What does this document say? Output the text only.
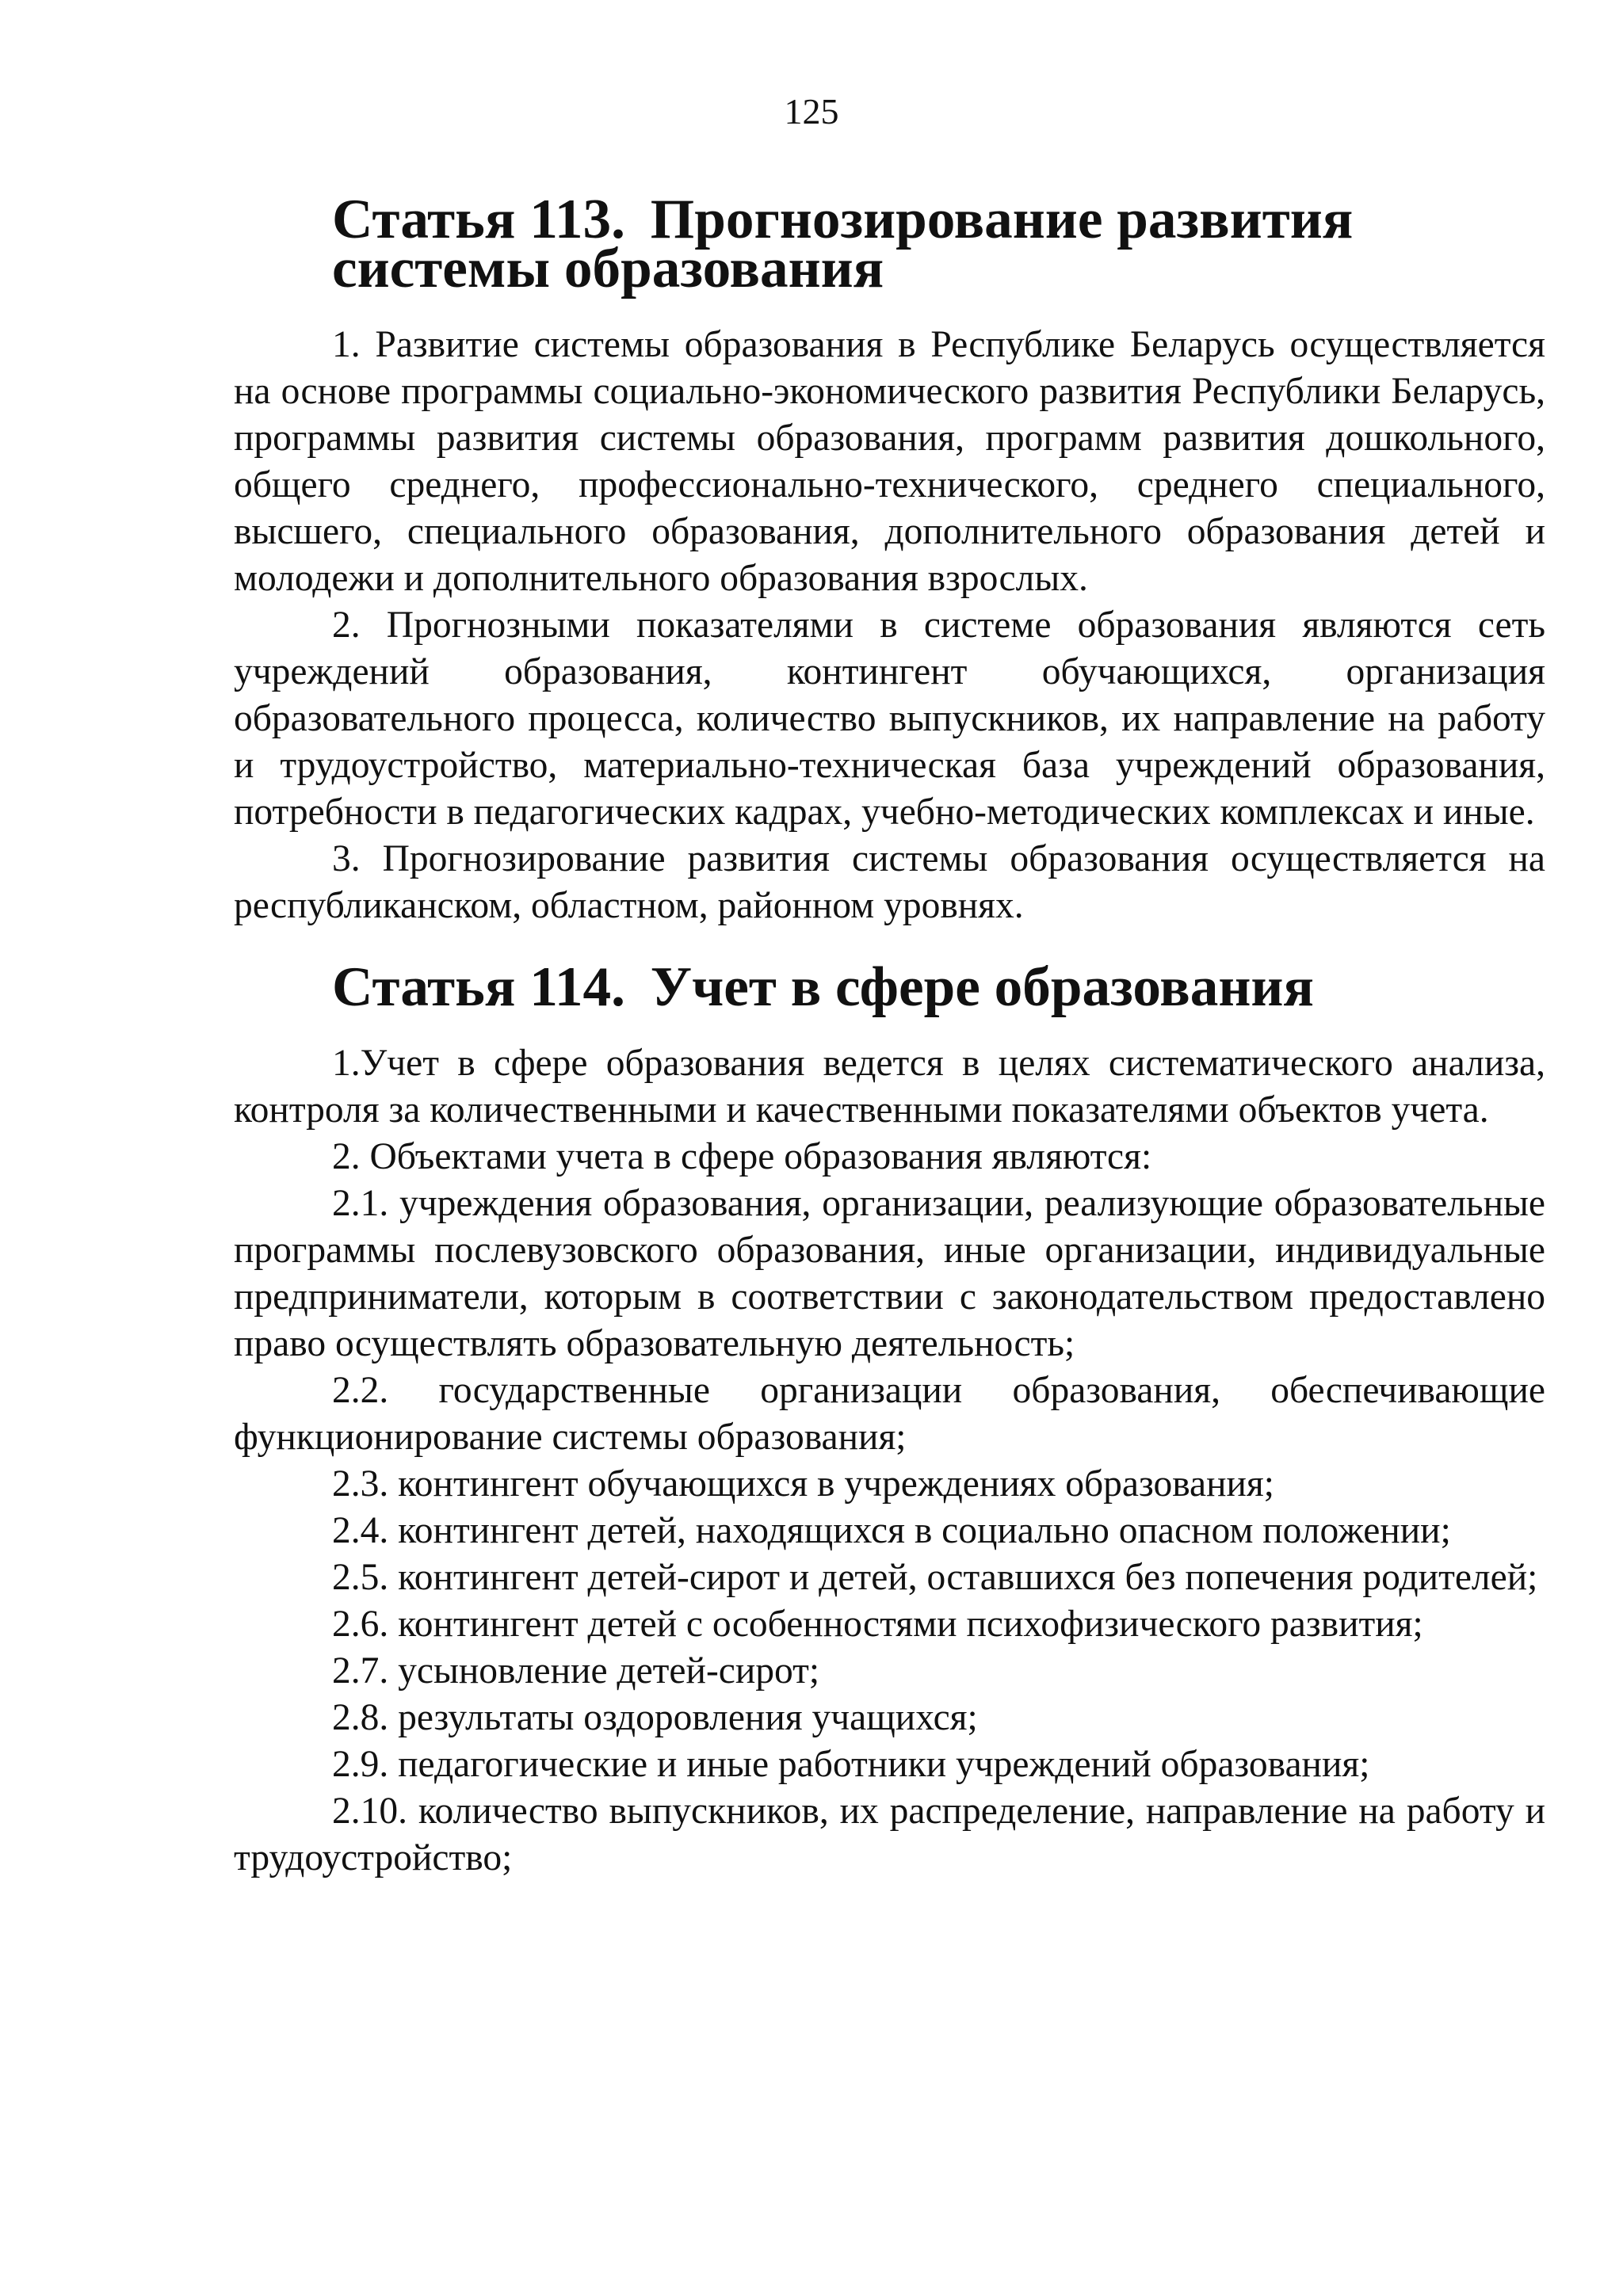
125
Статья 113. Прогнозирование развития системы образования

1. Развитие системы образования в Республике Беларусь осуществляется на основе программы социально-экономического развития Республики Беларусь, программы развития системы образования, программ развития дошкольного, общего среднего, профессионально-технического, среднего специального, высшего, специального образования, дополнительного образования детей и молодежи и дополнительного образования взрослых.

2. Прогнозными показателями в системе образования являются сеть учреждений образования, контингент обучающихся, организация образовательного процесса, количество выпускников, их направление на работу и трудоустройство, материально-техническая база учреждений образования, потребности в педагогических кадрах, учебно-методических комплексах и иные.

3. Прогнозирование развития системы образования осуществляется на республиканском, областном, районном уровнях.

Статья 114. Учет в сфере образования

1.Учет в сфере образования ведется в целях систематического анализа, контроля за количественными и качественными показателями объектов учета.

2. Объектами учета в сфере образования являются:

2.1. учреждения образования, организации, реализующие образовательные программы послевузовского образования, иные организации, индивидуальные предприниматели, которым в соответствии с законодательством предоставлено право осуществлять образовательную деятельность;

2.2. государственные организации образования, обеспечивающие функционирование системы образования;

2.3. контингент обучающихся в учреждениях образования;

2.4. контингент детей, находящихся в социально опасном положении;

2.5. контингент детей-сирот и детей, оставшихся без попечения родителей;

2.6. контингент детей с особенностями психофизического развития;

2.7. усыновление детей-сирот;

2.8. результаты оздоровления учащихся;

2.9. педагогические и иные работники учреждений образования;

2.10. количество выпускников, их распределение, направление на работу и трудоустройство;
